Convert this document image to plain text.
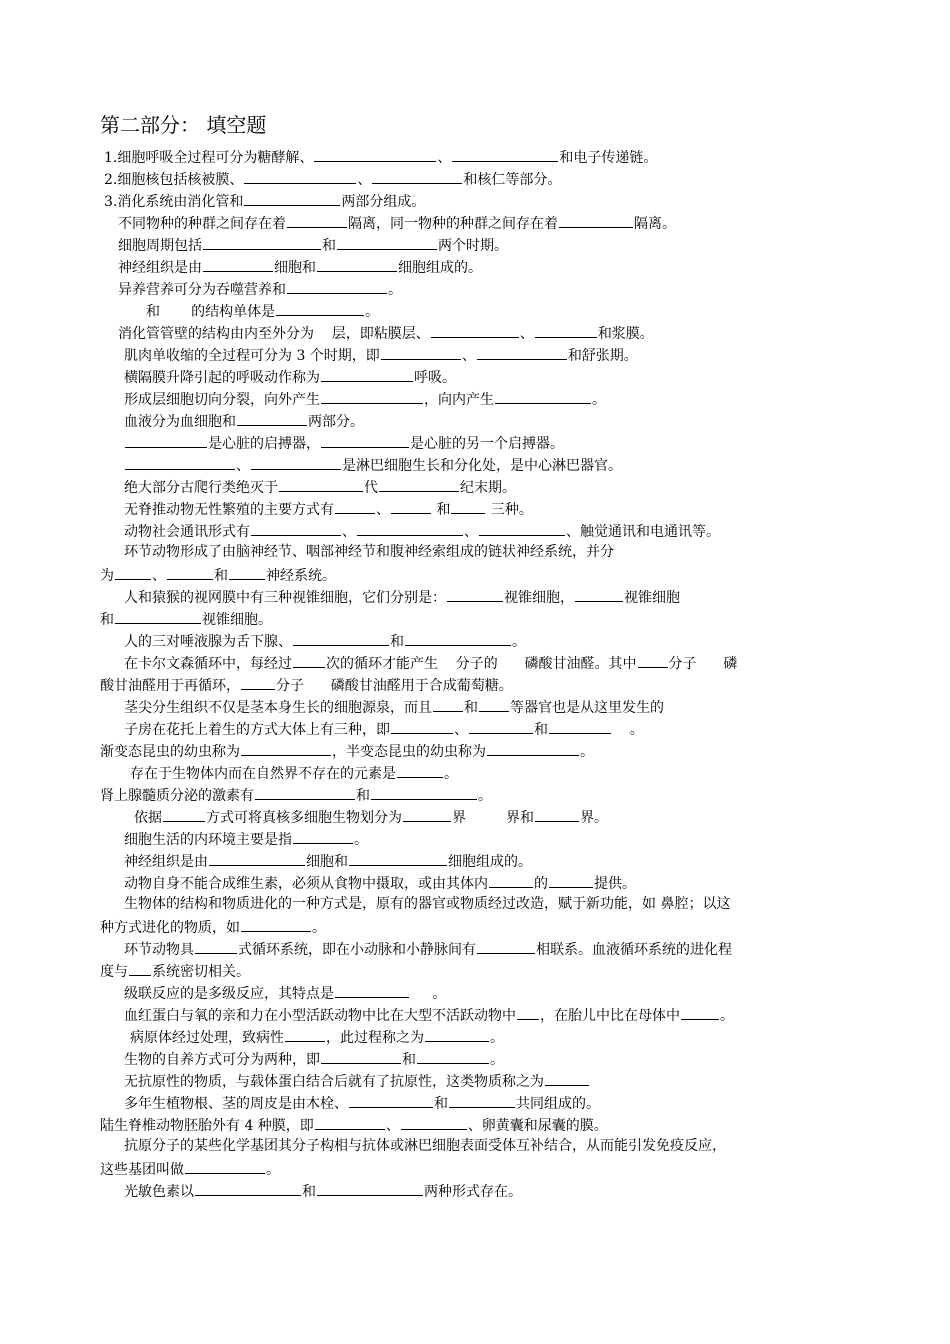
第二部分： 填空题
1.细胞呼吸全过程可分为糖酵解、	、	和电子传递链。
2.细胞核包括核被膜、	、	和核仁等部分。
3.消化系统由消化管和	两部分组成。
不同物种的种群之间存在着	隔离，同一物种的种群之间存在着	隔离。
细胞周期包括	和	两个时期。
神经组织是由	细胞和	细胞组成的。
异养营养可分为吞噬营养和	。
和       的结构单体是	。
消化管管壁的结构由内至外分为    层，即粘膜层、	、	和浆膜。
肌肉单收缩的全过程可分为 3 个时期，即	、	和舒张期。
横隔膜升降引起的呼吸动作称为	呼吸。
形成层细胞切向分裂，向外产生	，向内产生	。
血液分为血细胞和	两部分。
是心脏的启搏器，	是心脏的另一个启搏器。
、	是淋巴细胞生长和分化处，是中心淋巴器官。
绝大部分古爬行类绝灭于	代	纪末期。
无脊推动物无性繁殖的主要方式有	、	和	三种。
动物社会通讯形式有	、	、	、触觉通讯和电通讯等。
环节动物形成了由脑神经节、咽部神经节和腹神经索组成的链状神经系统，并分
为	、	和	神经系统。
人和猿猴的视网膜中有三种视锥细胞，它们分别是：	视锥细胞，	视锥细胞
和	视锥细胞。
人的三对唾液腺为舌下腺、	和	。
在卡尔文森循环中，每经过 次的循环才能产生    分子的      磷酸甘油醛。其中 分子      磷
酸甘油醛用于再循环，	分子      磷酸甘油醛用于合成葡萄糖。
茎尖分生组织不仅是茎本身生长的细胞源泉，而且 和 等器官也是从这里发生的
子房在花托上着生的方式大体上有三种，即	、	和	。
渐变态昆虫的幼虫称为	，半变态昆虫的幼虫称为	。
存在于生物体内而在自然界不存在的元素是	。
肾上腺髓质分泌的激素有	和	。
依据	方式可将真核多细胞生物划分为	界         界和	界。
细胞生活的内环境主要是指	。
神经组织是由	细胞和	细胞组成的。
动物自身不能合成维生素，必须从食物中摄取，或由其体内	的	提供。
生物体的结构和物质进化的一种方式是，原有的器官或物质经过改造，赋于新功能，如 鼻腔；以这
种方式进化的物质，如	。
环节动物具	式循环系统，即在小动脉和小静脉间有	相联系。血液循环系统的进化程
度与 系统密切相关。
级联反应的是多级反应，其特点是	。
血红蛋白与氧的亲和力在小型活跃动物中比在大型不活跃动物中 ，在胎儿中比在母体中	。
病原体经过处理，致病性	，此过程称之为	。
生物的自养方式可分为两种，即	和	。
无抗原性的物质，与载体蛋白结合后就有了抗原性，这类物质称之为
多年生植物根、茎的周皮是由木栓、	和	共同组成的。
陆生脊椎动物胚胎外有 4 种膜，即	、	、卵黄囊和尿囊的膜。
抗原分子的某些化学基团其分子构相与抗体或淋巴细胞表面受体互补结合，从而能引发免疫反应，
这些基团叫做	。
光敏色素以	和	两种形式存在。
